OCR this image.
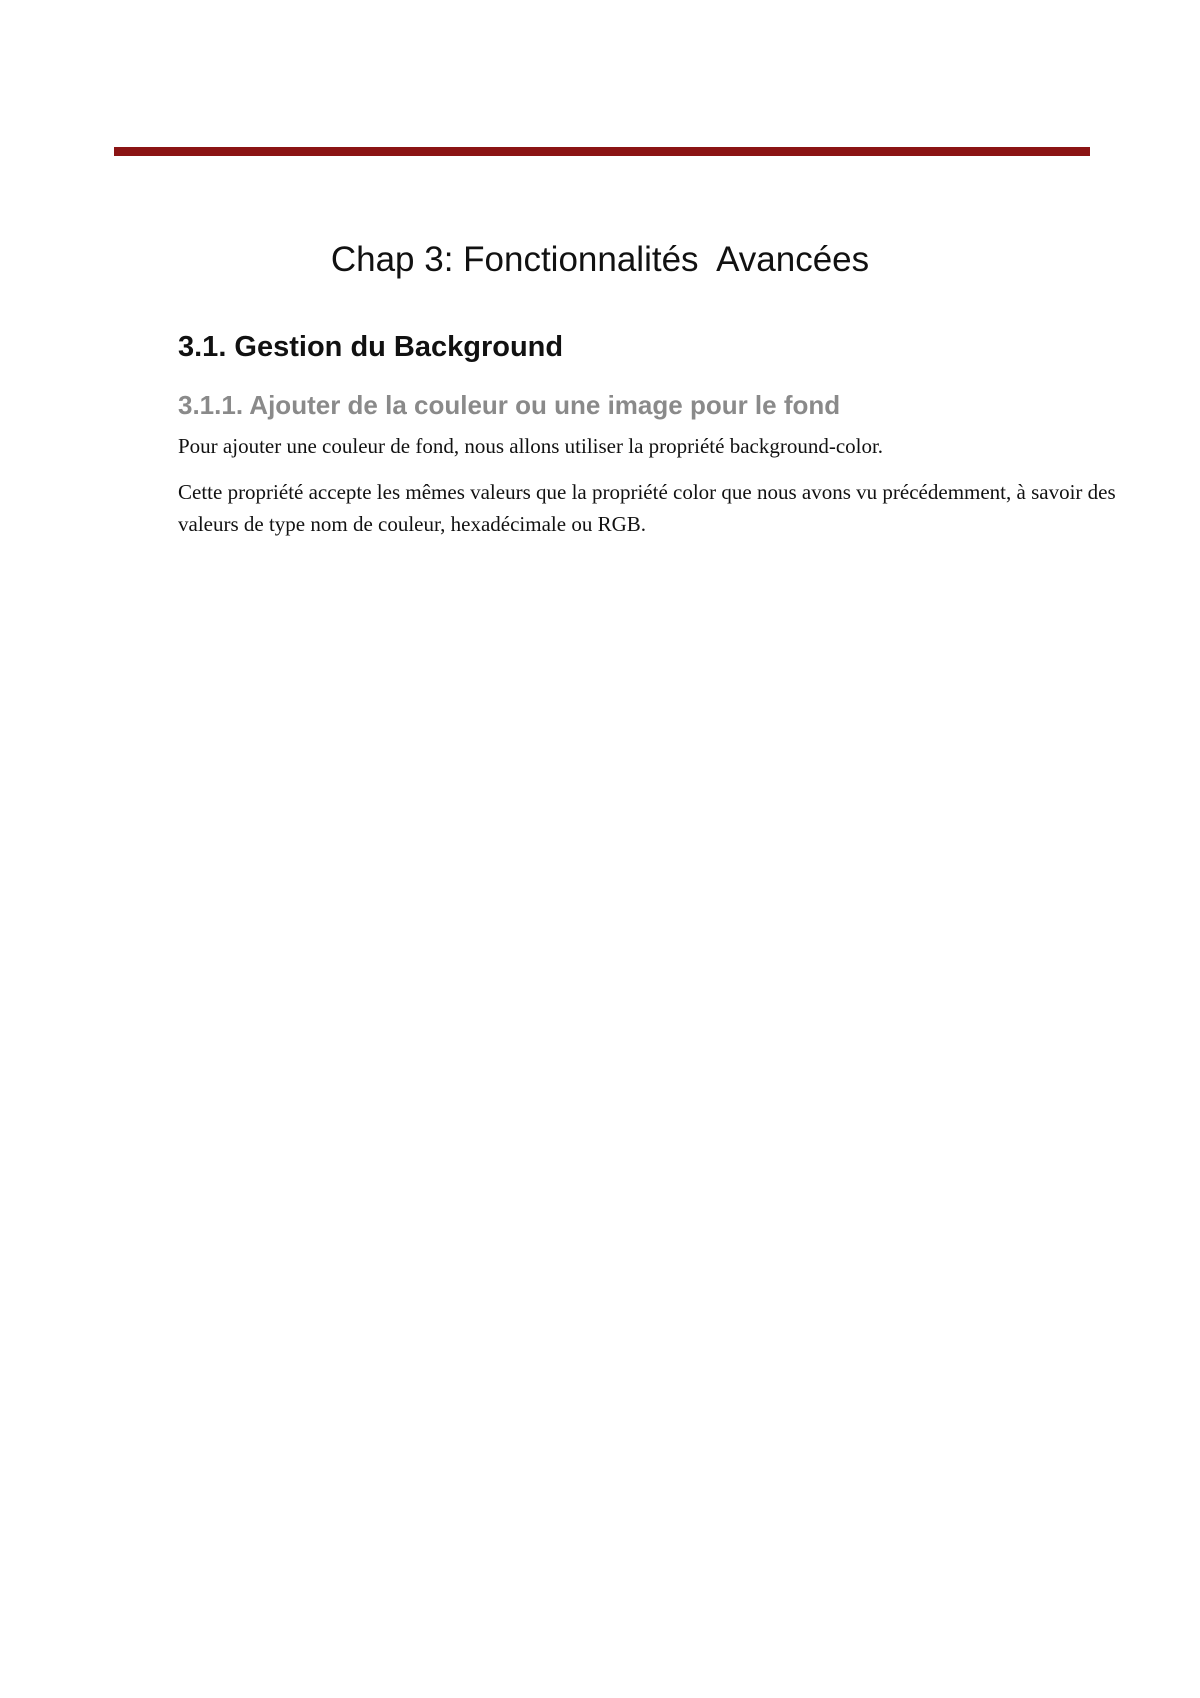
Chap 3: Fonctionnalités  Avancées
3.1. Gestion du Background
3.1.1. Ajouter de la couleur ou une image pour le fond

Pour ajouter une couleur de fond, nous allons utiliser la propriété background-color.

Cette propriété accepte les mêmes valeurs que la propriété color que nous avons vu précédemment, à savoir des valeurs de type nom de couleur, hexadécimale ou RGB.
